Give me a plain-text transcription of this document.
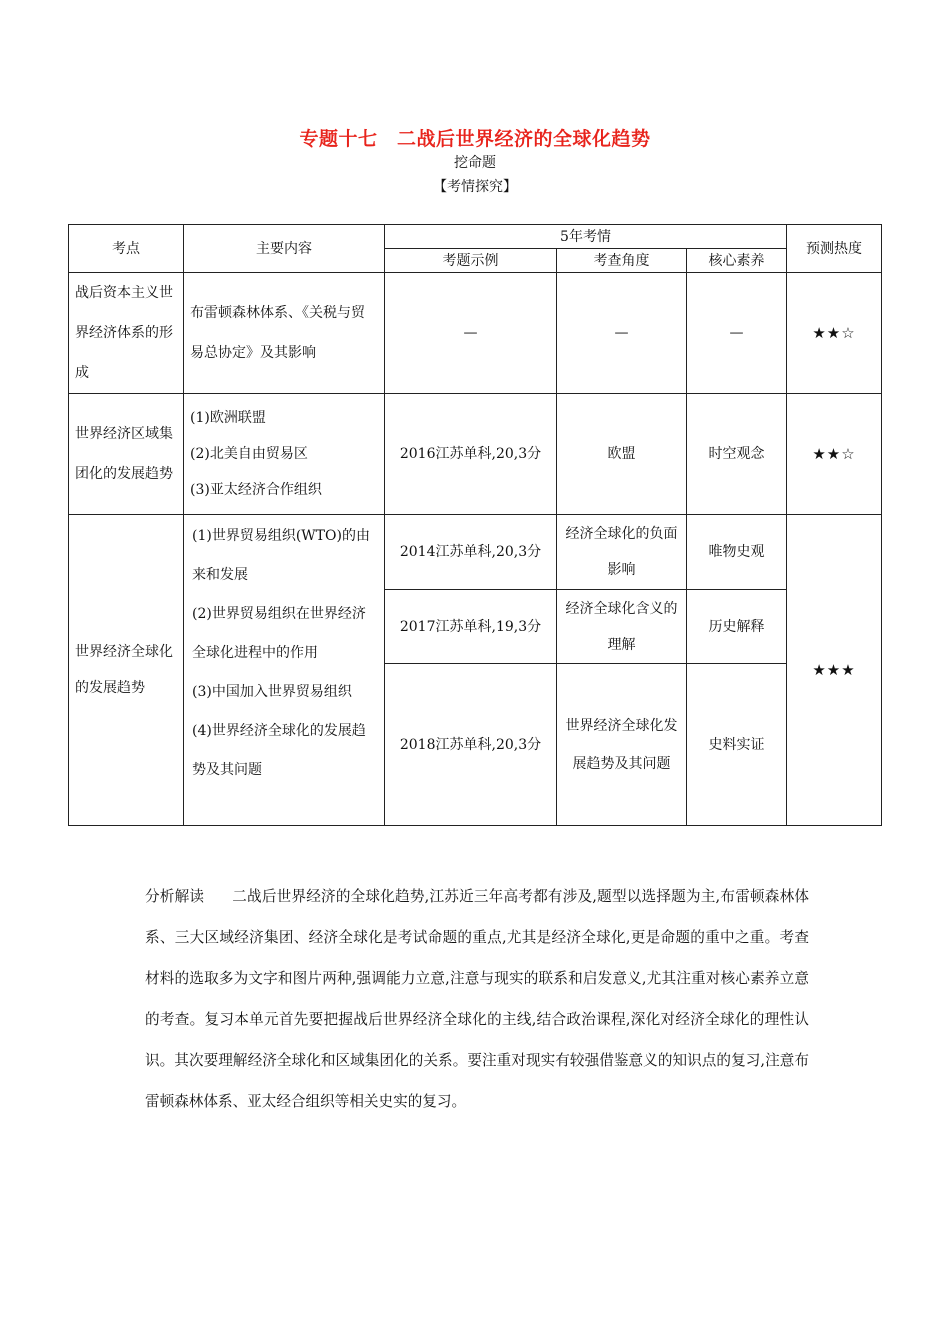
专题十七　二战后世界经济的全球化趋势
挖命题
【考情探究】
考点	主要内容	5年考情			预测热度
		考题示例	考查角度	核心素养	
战后资本主义世界经济体系的形成	布雷顿森林体系、《关税与贸易总协定》及其影响	—	—	—	★★☆
世界经济区域集团化的发展趋势	(1)欧洲联盟
(2)北美自由贸易区
(3)亚太经济合作组织	2016江苏单科,20,3分	欧盟	时空观念	★★☆
世界经济全球化的发展趋势	(1)世界贸易组织(WTO)的由来和发展
(2)世界贸易组织在世界经济全球化进程中的作用
(3)中国加入世界贸易组织
(4)世界经济全球化的发展趋势及其问题	2014江苏单科,20,3分	经济全球化的负面影响	唯物史观	★★★
		2017江苏单科,19,3分	经济全球化含义的理解	历史解释	
		2018江苏单科,20,3分	世界经济全球化发展趋势及其问题	史料实证	
分析解读 二战后世界经济的全球化趋势,江苏近三年高考都有涉及,题型以选择题为主,布雷顿森林体系、三大区域经济集团、经济全球化是考试命题的重点,尤其是经济全球化,更是命题的重中之重。考查材料的选取多为文字和图片两种,强调能力立意,注意与现实的联系和启发意义,尤其注重对核心素养立意的考查。复习本单元首先要把握战后世界经济全球化的主线,结合政治课程,深化对经济全球化的理性认识。其次要理解经济全球化和区域集团化的关系。要注重对现实有较强借鉴意义的知识点的复习,注意布雷顿森林体系、亚太经合组织等相关史实的复习。
